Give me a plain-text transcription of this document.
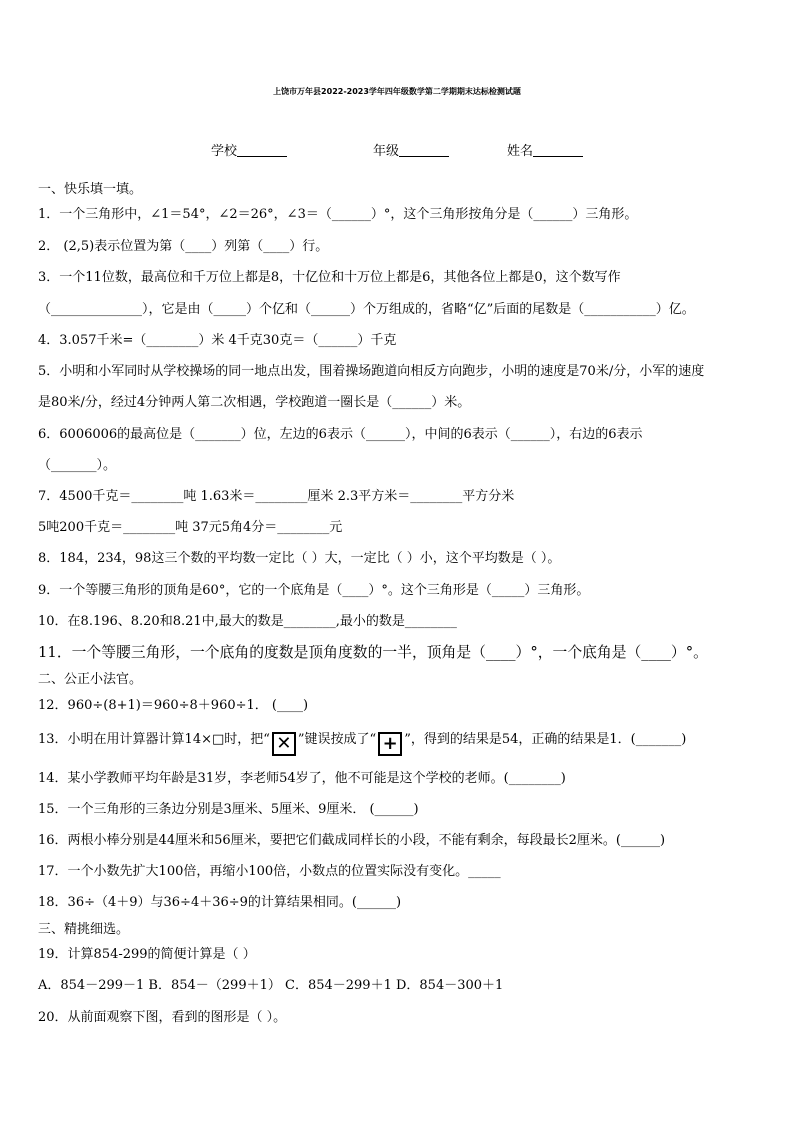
上饶市万年县2022-2023学年四年级数学第二学期期末达标检测试题
学校	年级	姓名
一、快乐填一填。
1．一个三角形中，∠1＝54°，∠2＝26°，∠3＝（______）°，这个三角形按角分是（______）三角形。
2． (2,5)表示位置为第（____）列第（____）行。
3．一个11位数，最高位和千万位上都是8，十亿位和十万位上都是6，其他各位上都是0，这个数写作
（______________），它是由（_____）个亿和（______）个万组成的，省略“亿”后面的尾数是（___________）亿。
4．3.057千米=（________）米 4千克30克＝（______）千克
5．小明和小军同时从学校操场的同一地点出发，围着操场跑道向相反方向跑步，小明的速度是70米/分，小军的速度
是80米/分，经过4分钟两人第二次相遇，学校跑道一圈长是（______）米。
6．6006006的最高位是（_______）位，左边的6表示（______），中间的6表示（______），右边的6表示
（_______）。
7．4500千克＝________吨 1.63米＝________厘米 2.3平方米＝________平方分米
5吨200千克＝________吨 37元5角4分＝________元
8．184，234，98这三个数的平均数一定比（ ）大，一定比（ ）小，这个平均数是（ ）。
9．一个等腰三角形的顶角是60°，它的一个底角是（____）°。这个三角形是（_____）三角形。
10．在8.196、8.20和8.21中,最大的数是________,最小的数是________
11．一个等腰三角形，一个底角的度数是顶角度数的一半，顶角是（____）°，一个底角是（____）°。
二、公正小法官。
12．960÷(8+1)＝960÷8＋960÷1． (____)
13．小明在用计算器计算14×□时，把“ ✕ ”键误按成了“ + ”，得到的结果是54，正确的结果是1．(_______)
14．某小学教师平均年龄是31岁，李老师54岁了，他不可能是这个学校的老师。(________)
15．一个三角形的三条边分别是3厘米、5厘米、9厘米． (______)
16．两根小棒分别是44厘米和56厘米，要把它们截成同样长的小段，不能有剩余，每段最长2厘米。(______)
17．一个小数先扩大100倍，再缩小100倍，小数点的位置实际没有变化。_____
18．36÷（4＋9）与36÷4＋36÷9的计算结果相同。(______)
三、精挑细选。
19．计算854-299的简便计算是（ ）
A．854－299－1 B．854－（299＋1） C．854－299＋1 D．854－300＋1
20．从前面观察下图，看到的图形是（ ）。
